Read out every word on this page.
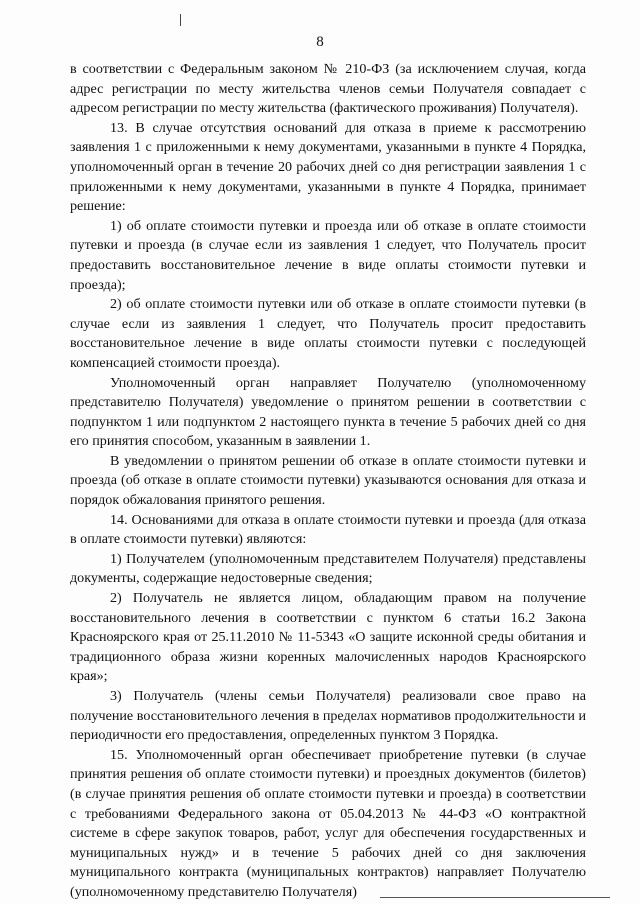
8

в соответствии с Федеральным законом № 210-ФЗ (за исключением случая, когда адрес регистрации по месту жительства членов семьи Получателя совпадает с адресом регистрации по месту жительства (фактического проживания) Получателя).

13. В случае отсутствия оснований для отказа в приеме к рассмотрению заявления 1 с приложенными к нему документами, указанными в пункте 4 Порядка, уполномоченный орган в течение 20 рабочих дней со дня регистрации заявления 1 с приложенными к нему документами, указанными в пункте 4 Порядка, принимает решение:

1) об оплате стоимости путевки и проезда или об отказе в оплате стоимости путевки и проезда (в случае если из заявления 1 следует, что Получатель просит предоставить восстановительное лечение в виде оплаты стоимости путевки и проезда);

2) об оплате стоимости путевки или об отказе в оплате стоимости путевки (в случае если из заявления 1 следует, что Получатель просит предоставить восстановительное лечение в виде оплаты стоимости путевки с последующей компенсацией стоимости проезда).

Уполномоченный орган направляет Получателю (уполномоченному представителю Получателя) уведомление о принятом решении в соответствии с подпунктом 1 или подпунктом 2 настоящего пункта в течение 5 рабочих дней со дня его принятия способом, указанным в заявлении 1.

В уведомлении о принятом решении об отказе в оплате стоимости путевки и проезда (об отказе в оплате стоимости путевки) указываются основания для отказа и порядок обжалования принятого решения.

14. Основаниями для отказа в оплате стоимости путевки и проезда (для отказа в оплате стоимости путевки) являются:

1) Получателем (уполномоченным представителем Получателя) представлены документы, содержащие недостоверные сведения;

2) Получатель не является лицом, обладающим правом на получение восстановительного лечения в соответствии с пунктом 6 статьи 16.2 Закона Красноярского края от 25.11.2010 № 11-5343 «О защите исконной среды обитания и традиционного образа жизни коренных малочисленных народов Красноярского края»;

3) Получатель (члены семьи Получателя) реализовали свое право на получение восстановительного лечения в пределах нормативов продолжительности и периодичности его предоставления, определенных пунктом 3 Порядка.

15. Уполномоченный орган обеспечивает приобретение путевки (в случае принятия решения об оплате стоимости путевки) и проездных документов (билетов) (в случае принятия решения об оплате стоимости путевки и проезда) в соответствии с требованиями Федерального закона от 05.04.2013 № 44-ФЗ «О контрактной системе в сфере закупок товаров, работ, услуг для обеспечения государственных и муниципальных нужд» и в течение 5 рабочих дней со дня заключения муниципального контракта (муниципальных контрактов) направляет Получателю (уполномоченному представителю Получателя)
